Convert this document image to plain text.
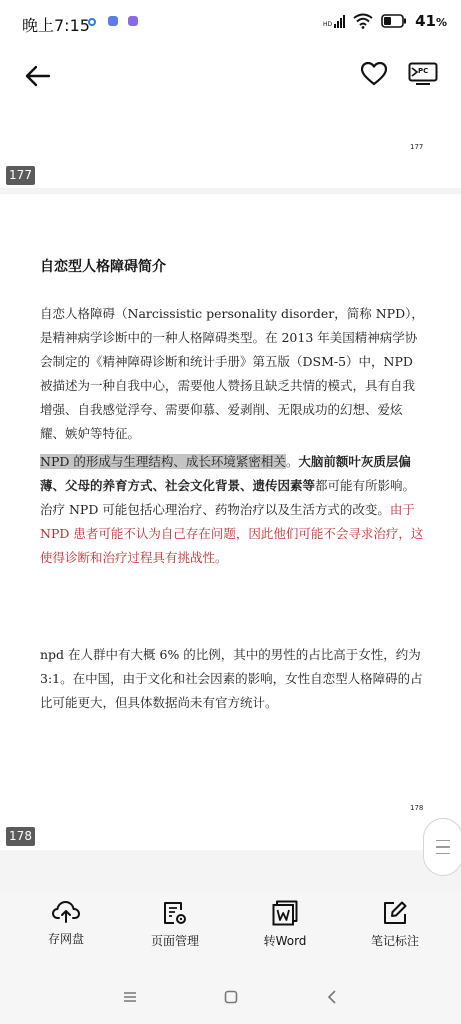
晚上7:15	HD	41%
PC
177
177
自恋型人格障碍简介
自恋人格障碍（Narcissistic personality disorder，简称 NPD），是精神病学诊断中的一种人格障碍类型。在 2013 年美国精神病学协会制定的《精神障碍诊断和统计手册》第五版（DSM-5）中，NPD 被描述为一种自我中心，需要他人赞扬且缺乏共情的模式，具有自我增强、自我感觉浮夸、需要仰慕、爱剥削、无限成功的幻想、爱炫耀、嫉妒等特征。
NPD 的形成与生理结构、成长环境紧密相关。大脑前额叶灰质层偏薄、父母的养育方式、社会文化背景、遗传因素等都可能有所影响。治疗 NPD 可能包括心理治疗、药物治疗以及生活方式的改变。由于 NPD 患者可能不认为自己存在问题，因此他们可能不会寻求治疗，这使得诊断和治疗过程具有挑战性。
npd 在人群中有大概 6% 的比例，其中的男性的占比高于女性，约为 3:1。在中国，由于文化和社会因素的影响，女性自恋型人格障碍的占比可能更大，但具体数据尚未有官方统计。
178
178
存网盘	页面管理	转Word	笔记标注
